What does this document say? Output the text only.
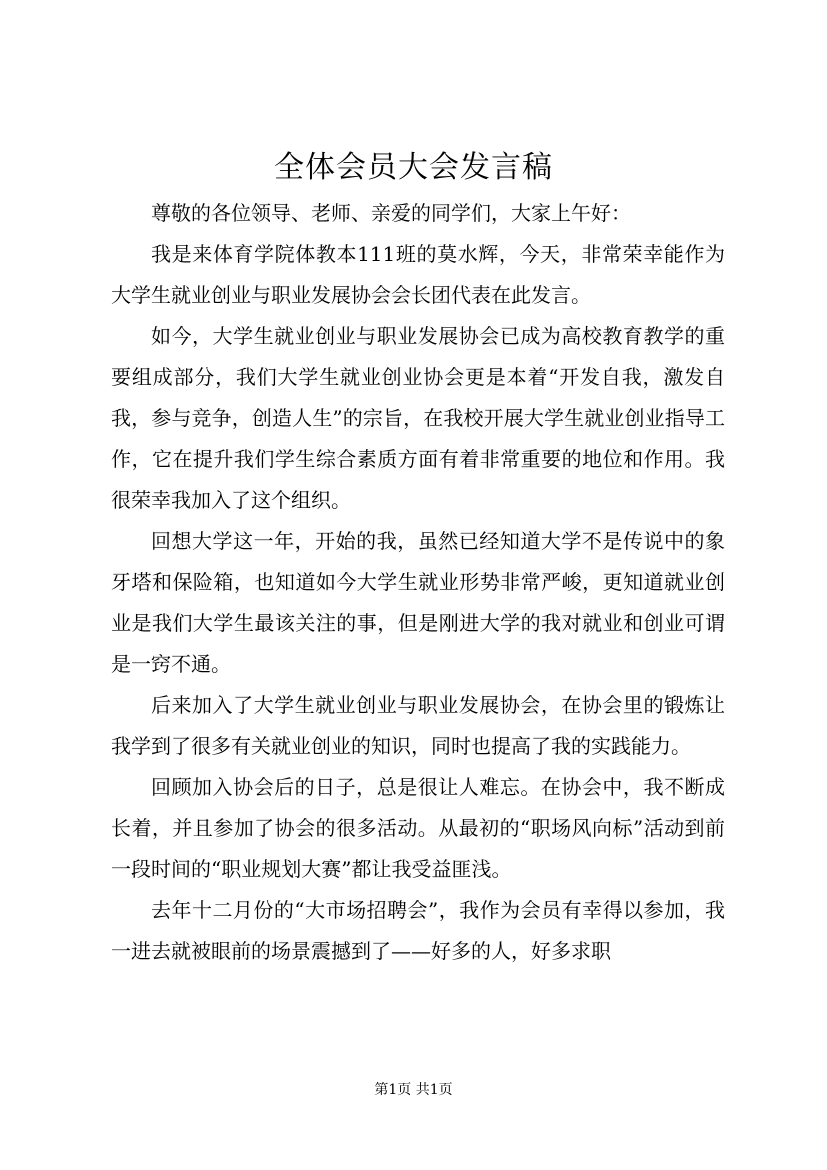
全体会员大会发言稿

尊敬的各位领导、老师、亲爱的同学们，大家上午好：

我是来体育学院体教本111班的莫水辉，今天，非常荣幸能作为大学生就业创业与职业发展协会会长团代表在此发言。

如今，大学生就业创业与职业发展协会已成为高校教育教学的重要组成部分，我们大学生就业创业协会更是本着“开发自我，激发自我，参与竞争，创造人生”的宗旨，在我校开展大学生就业创业指导工作，它在提升我们学生综合素质方面有着非常重要的地位和作用。我很荣幸我加入了这个组织。

回想大学这一年，开始的我，虽然已经知道大学不是传说中的象牙塔和保险箱，也知道如今大学生就业形势非常严峻，更知道就业创业是我们大学生最该关注的事，但是刚进大学的我对就业和创业可谓是一窍不通。

后来加入了大学生就业创业与职业发展协会，在协会里的锻炼让我学到了很多有关就业创业的知识，同时也提高了我的实践能力。

回顾加入协会后的日子，总是很让人难忘。在协会中，我不断成长着，并且参加了协会的很多活动。从最初的“职场风向标”活动到前一段时间的“职业规划大赛”都让我受益匪浅。

去年十二月份的“大市场招聘会”，我作为会员有幸得以参加，我一进去就被眼前的场景震撼到了——好多的人，好多求职

第1页 共1页
